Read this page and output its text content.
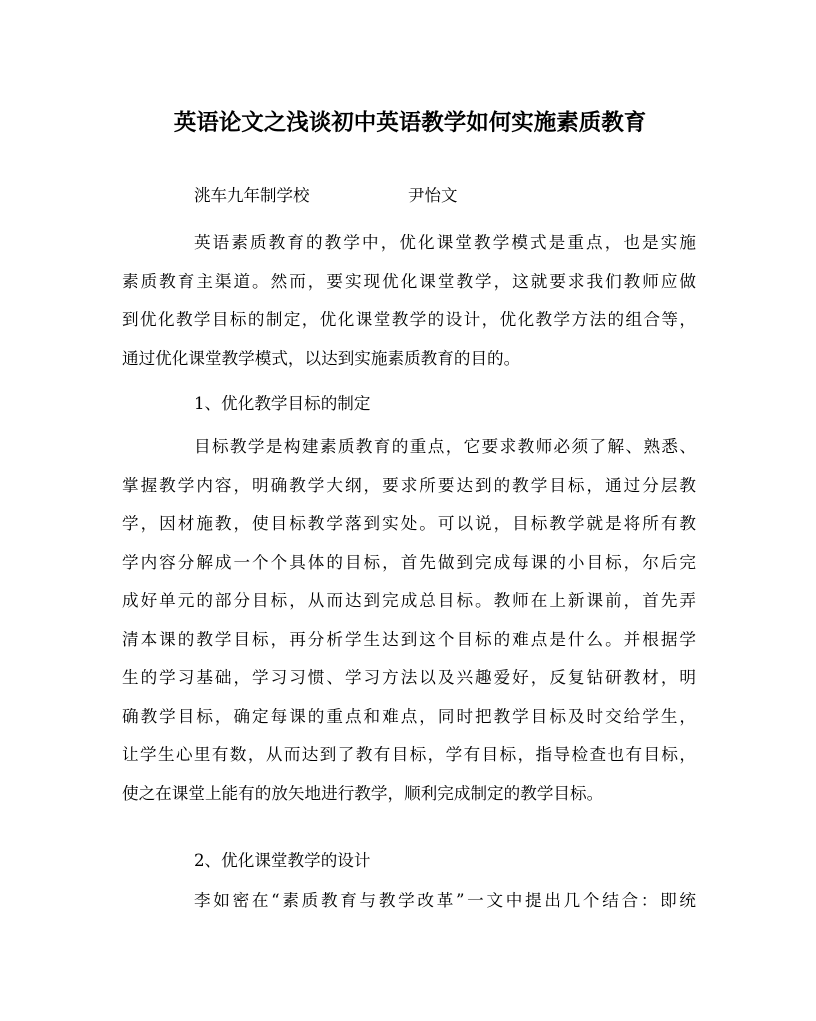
英语论文之浅谈初中英语教学如何实施素质教育
洮车九年制学校	尹怡文
英语素质教育的教学中，优化课堂教学模式是重点，也是实施
素质教育主渠道。然而，要实现优化课堂教学，这就要求我们教师应做
到优化教学目标的制定，优化课堂教学的设计，优化教学方法的组合等，
通过优化课堂教学模式，以达到实施素质教育的目的。

1、优化教学目标的制定

目标教学是构建素质教育的重点，它要求教师必须了解、熟悉、
掌握教学内容，明确教学大纲，要求所要达到的教学目标，通过分层教
学，因材施教，使目标教学落到实处。可以说，目标教学就是将所有教
学内容分解成一个个具体的目标，首先做到完成每课的小目标，尔后完
成好单元的部分目标，从而达到完成总目标。教师在上新课前，首先弄
清本课的教学目标，再分析学生达到这个目标的难点是什么。并根据学
生的学习基础，学习习惯、学习方法以及兴趣爱好，反复钻研教材，明
确教学目标，确定每课的重点和难点，同时把教学目标及时交给学生，
让学生心里有数，从而达到了教有目标，学有目标，指导检查也有目标，
使之在课堂上能有的放矢地进行教学，顺利完成制定的教学目标。

2、优化课堂教学的设计

李如密在“素质教育与教学改革”一文中提出几个结合：即统
